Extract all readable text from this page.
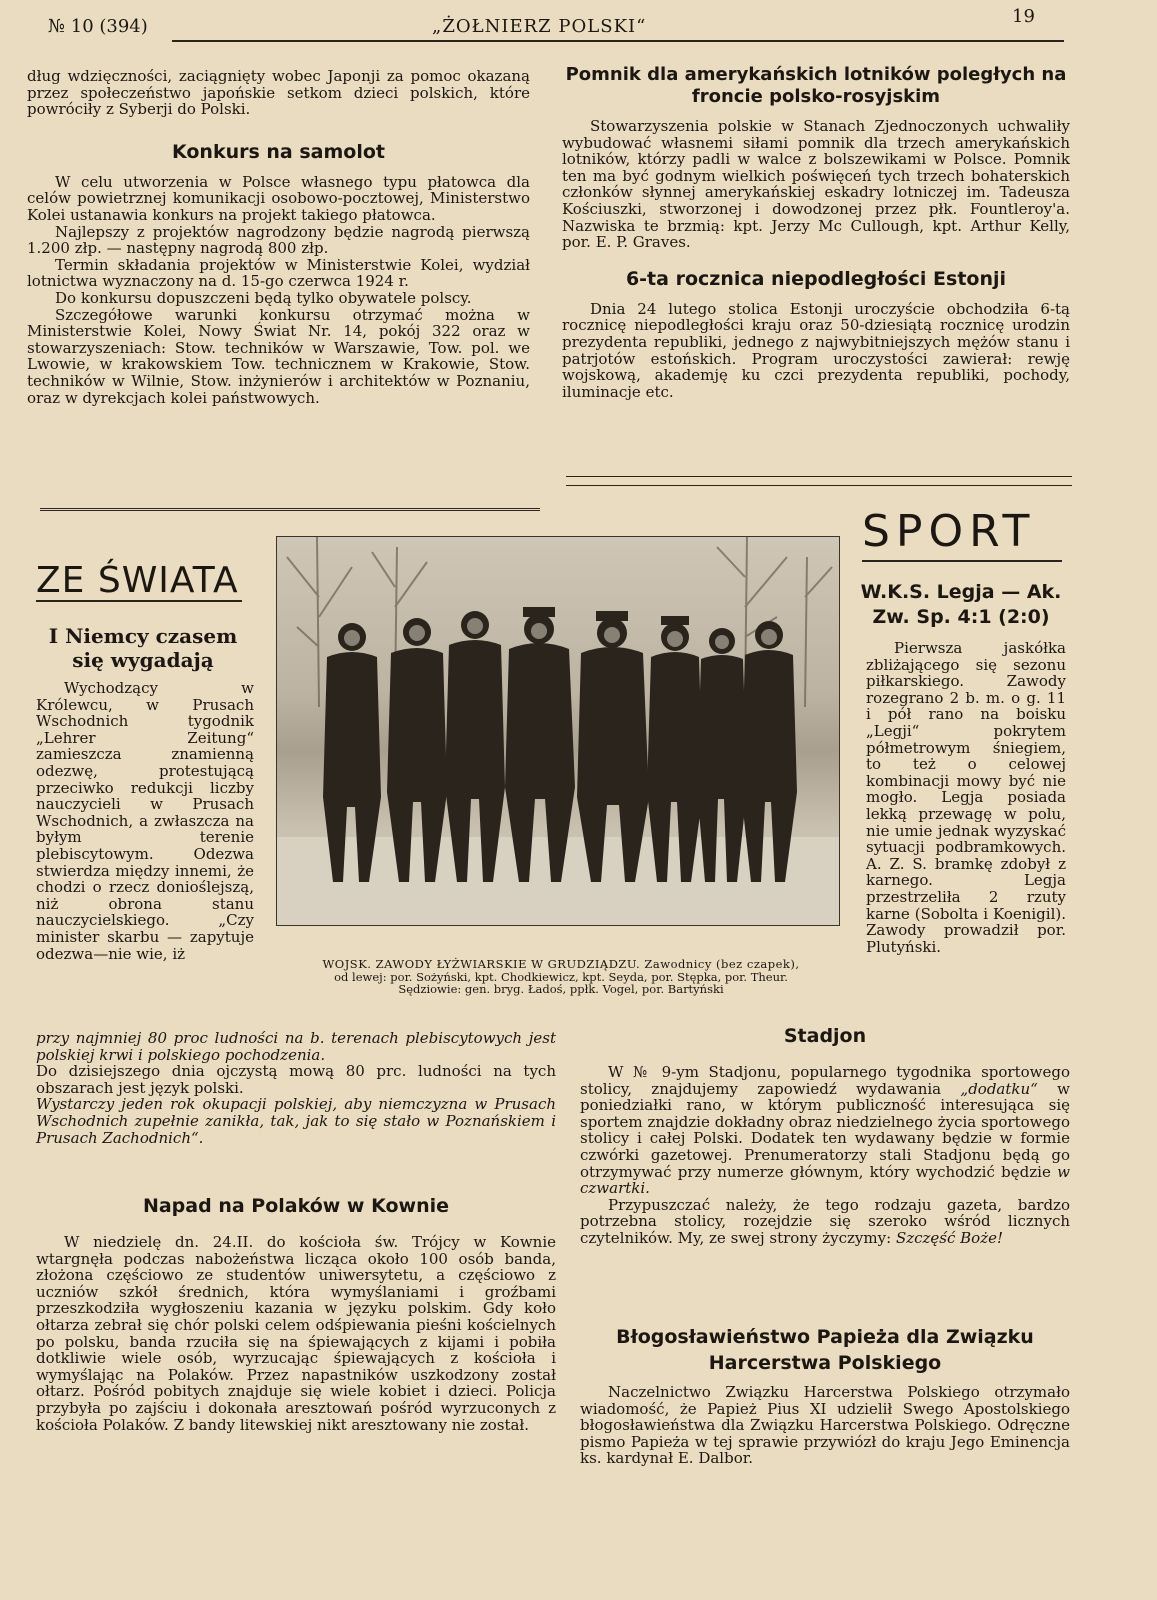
№ 10 (394)	„ŻOŁNIERZ POLSKI“	19

dług wdzięczności, zaciągnięty wobec Japonji za pomoc okazaną przez społeczeństwo japońskie setkom dzieci polskich, które powróciły z Syberji do Polski.

Konkurs na samolot

W celu utworzenia w Polsce własnego typu płatowca dla celów powietrznej komunikacji osobowo-pocztowej, Ministerstwo Kolei ustanawia konkurs na projekt takiego płatowca.

Najlepszy z projektów nagrodzony będzie nagrodą pierwszą 1.200 złp. — następny nagrodą 800 złp.

Termin składania projektów w Ministerstwie Kolei, wydział lotnictwa wyznaczony na d. 15-go czerwca 1924 r.

Do konkursu dopuszczeni będą tylko obywatele polscy.

Szczegółowe warunki konkursu otrzymać można w Ministerstwie Kolei, Nowy Świat Nr. 14, pokój 322 oraz w stowarzyszeniach: Stow. techników w Warszawie, Tow. pol. we Lwowie, w krakowskiem Tow. technicznem w Krakowie, Stow. techników w Wilnie, Stow. inżynierów i architektów w Poznaniu, oraz w dyrekcjach kolei państwowych.

Pomnik dla amerykańskich lotników poległych na froncie polsko-rosyjskim

Stowarzyszenia polskie w Stanach Zjednoczonych uchwaliły wybudować własnemi siłami pomnik dla trzech amerykańskich lotników, którzy padli w walce z bolszewikami w Polsce. Pomnik ten ma być godnym wielkich poświęceń tych trzech bohaterskich członków słynnej amerykańskiej eskadry lotniczej im. Tadeusza Kościuszki, stworzonej i dowodzonej przez płk. Fountleroy'a. Nazwiska te brzmią: kpt. Jerzy Mc Cullough, kpt. Arthur Kelly, por. E. P. Graves.

6-ta rocznica niepodległości Estonji

Dnia 24 lutego stolica Estonji uroczyście obchodziła 6-tą rocznicę niepodległości kraju oraz 50-dziesiątą rocznicę urodzin prezydenta republiki, jednego z najwybitniejszych mężów stanu i patrjotów estońskich. Program uroczystości zawierał: rewję wojskową, akademję ku czci prezydenta republiki, pochody, iluminacje etc.

ZE ŚWIATA
I Niemcy czasem się wygadają

Wychodzący w Królewcu, w Prusach Wschodnich tygodnik „Lehrer Zeitung“ zamieszcza znamienną odezwę, protestującą przeciwko redukcji liczby nauczycieli w Prusach Wschodnich, a zwłaszcza na byłym terenie plebiscytowym. Odezwa stwierdza między innemi, że chodzi o rzecz donioślejszą, niż obrona stanu nauczycielskiego. „Czy minister skarbu — zapytuje odezwa—nie wie, iż

przy najmniej 80 proc ludności na b. terenach plebiscytowych jest polskiej krwi i polskiego pochodzenia.

Do dzisiejszego dnia ojczystą mową 80 prc. ludności na tych obszarach jest język polski.

Wystarczy jeden rok okupacji polskiej, aby niemczyzna w Prusach Wschodnich zupełnie zanikła, tak, jak to się stało w Poznańskiem i Prusach Zachodnich“.

Napad na Polaków w Kownie

W niedzielę dn. 24.II. do kościoła św. Trójcy w Kownie wtargnęła podczas nabożeństwa licząca około 100 osób banda, złożona częściowo ze studentów uniwersytetu, a częściowo z uczniów szkół średnich, która wymyślaniami i groźbami przeszkodziła wygłoszeniu kazania w języku polskim. Gdy koło ołtarza zebrał się chór polski celem odśpiewania pieśni kościelnych po polsku, banda rzuciła się na śpiewających z kijami i pobiła dotkliwie wiele osób, wyrzucając śpiewających z kościoła i wymyślając na Polaków. Przez napastników uszkodzony został ołtarz. Pośród pobitych znajduje się wiele kobiet i dzieci. Policja przybyła po zajściu i dokonała aresztowań pośród wyrzuconych z kościoła Polaków. Z bandy litewskiej nikt aresztowany nie został.

WOJSK. ZAWODY ŁYŻWIARSKIE W GRUDZIĄDZU. Zawodnicy (bez czapek),
od lewej: por. Sożyński, kpt. Chodkiewicz, kpt. Seyda, por. Stępka, por. Theur.
Sędziowie: gen. bryg. Ładoś, ppłk. Vogel, por. Bartyński
SPORT
W.K.S. Legja — Ak. Zw. Sp. 4:1 (2:0)

Pierwsza jaskółka zbliżającego się sezonu piłkarskiego. Zawody rozegrano 2 b. m. o g. 11 i pół rano na boisku „Legji“ pokrytem półmetrowym śniegiem, to też o celowej kombinacji mowy być nie mogło. Legja posiada lekką przewagę w polu, nie umie jednak wyzyskać sytuacji podbramkowych. A. Z. S. bramkę zdobył z karnego. Legja przestrzeliła 2 rzuty karne (Sobolta i Koenigil). Zawody prowadził por. Plutyński.

Stadjon

W № 9-ym Stadjonu, popularnego tygodnika sportowego stolicy, znajdujemy zapowiedź wydawania „dodatku“ w poniedziałki rano, w którym publiczność interesująca się sportem znajdzie dokładny obraz niedzielnego życia sportowego stolicy i całej Polski. Dodatek ten wydawany będzie w formie czwórki gazetowej. Prenumeratorzy stali Stadjonu będą go otrzymywać przy numerze głównym, który wychodzić będzie w czwartki.

Przypuszczać należy, że tego rodzaju gazeta, bardzo potrzebna stolicy, rozejdzie się szeroko wśród licznych czytelników. My, ze swej strony życzymy: Szczęść Boże!

Błogosławieństwo Papieża dla Związku Harcerstwa Polskiego

Naczelnictwo Związku Harcerstwa Polskiego otrzymało wiadomość, że Papież Pius XI udzielił Swego Apostolskiego błogosławieństwa dla Związku Harcerstwa Polskiego. Odręczne pismo Papieża w tej sprawie przywiózł do kraju Jego Eminencja ks. kardynał E. Dalbor.
